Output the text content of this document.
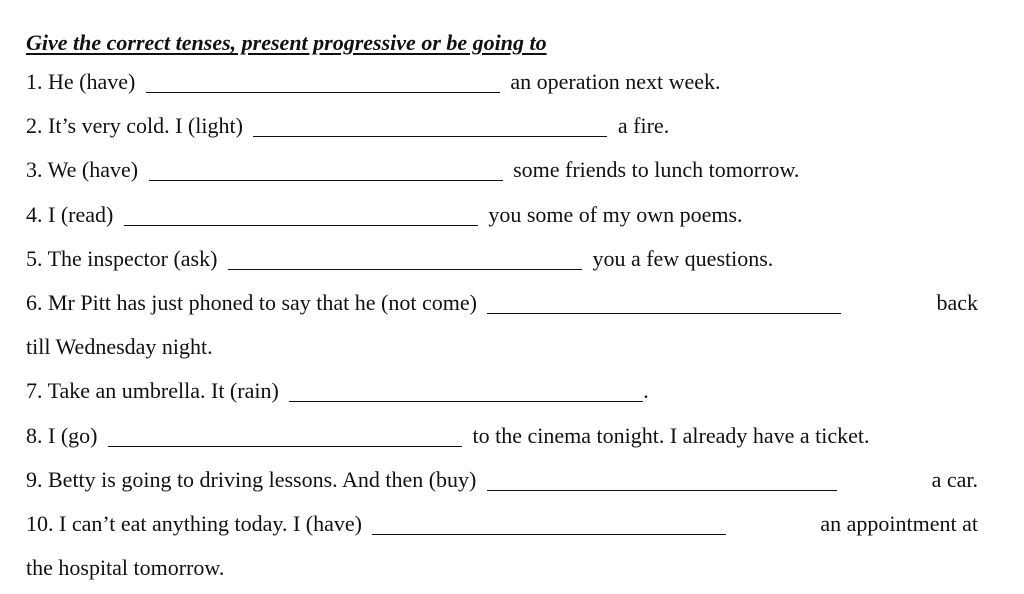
Give the correct tenses, present progressive or be going to
1. He (have)	an operation next week.
2. It’s very cold. I (light)	a fire.
3. We (have)	some friends to lunch tomorrow.
4. I (read)	you some of my own poems.
5. The inspector (ask)	you a few questions.
6. Mr Pitt has just phoned to say that he (not come)	back
till Wednesday night.
7. Take an umbrella. It (rain)	.
8. I (go)	to the cinema tonight. I already have a ticket.
9. Betty is going to driving lessons. And then (buy)	a car.
10. I can’t eat anything today. I (have)	an appointment at
the hospital tomorrow.
